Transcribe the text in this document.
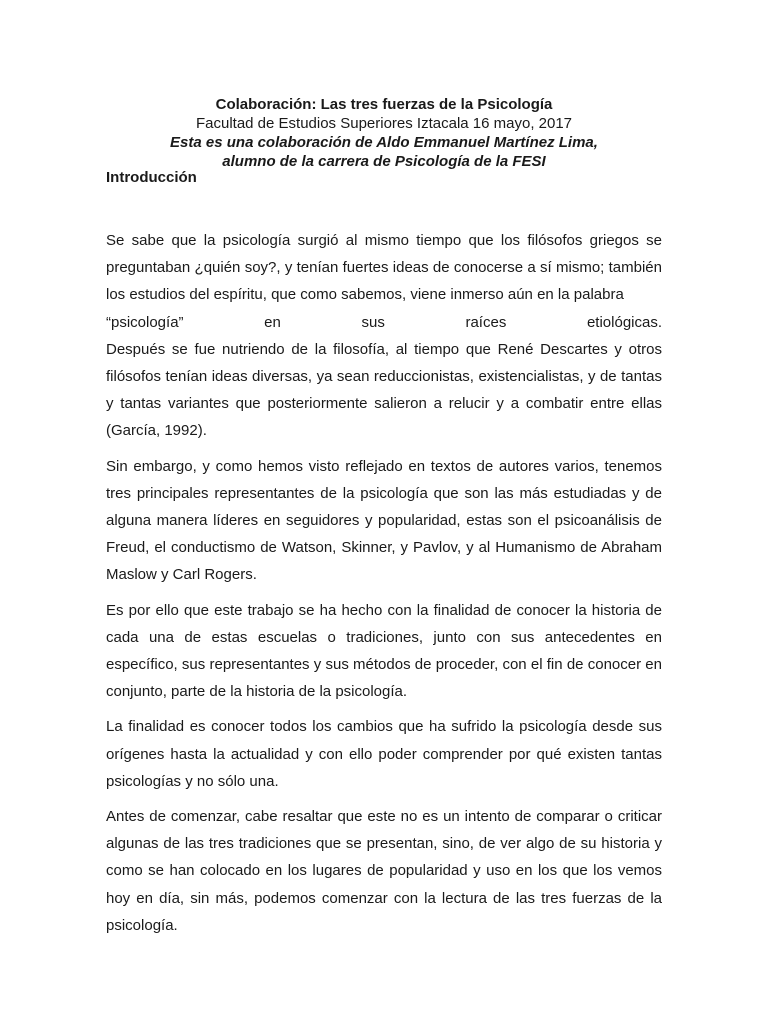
Colaboración: Las tres fuerzas de la Psicología

Facultad de Estudios Superiores Iztacala 16 mayo, 2017

Esta es una colaboración de Aldo Emmanuel Martínez Lima,

alumno de la carrera de Psicología de la FESI

Introducción

Se sabe que la psicología surgió al mismo tiempo que los filósofos griegos se preguntaban ¿quién soy?, y tenían fuertes ideas de conocerse a sí mismo; también los estudios del espíritu, que como sabemos, viene inmerso aún en la palabra

“psicología” en sus raíces etiológicas.

Después se fue nutriendo de la filosofía, al tiempo que René Descartes y otros filósofos tenían ideas diversas, ya sean reduccionistas, existencialistas, y de tantas y tantas variantes que posteriormente salieron a relucir y a combatir entre ellas (García, 1992).

Sin embargo, y como hemos visto reflejado en textos de autores varios, tenemos tres principales representantes de la psicología que son las más estudiadas y de alguna manera líderes en seguidores y popularidad, estas son el psicoanálisis de Freud, el conductismo de Watson, Skinner, y Pavlov, y al Humanismo de Abraham Maslow y Carl Rogers.

Es por ello que este trabajo se ha hecho con la finalidad de conocer la historia de cada una de estas escuelas o tradiciones, junto con sus antecedentes en específico, sus representantes y sus métodos de proceder, con el fin de conocer en conjunto, parte de la historia de la psicología.

La finalidad es conocer todos los cambios que ha sufrido la psicología desde sus orígenes hasta la actualidad y con ello poder comprender por qué existen tantas psicologías y no sólo una.

Antes de comenzar, cabe resaltar que este no es un intento de comparar o criticar algunas de las tres tradiciones que se presentan, sino, de ver algo de su historia y como se han colocado en los lugares de popularidad y uso en los que los vemos hoy en día, sin más, podemos comenzar con la lectura de las tres fuerzas de la psicología.
